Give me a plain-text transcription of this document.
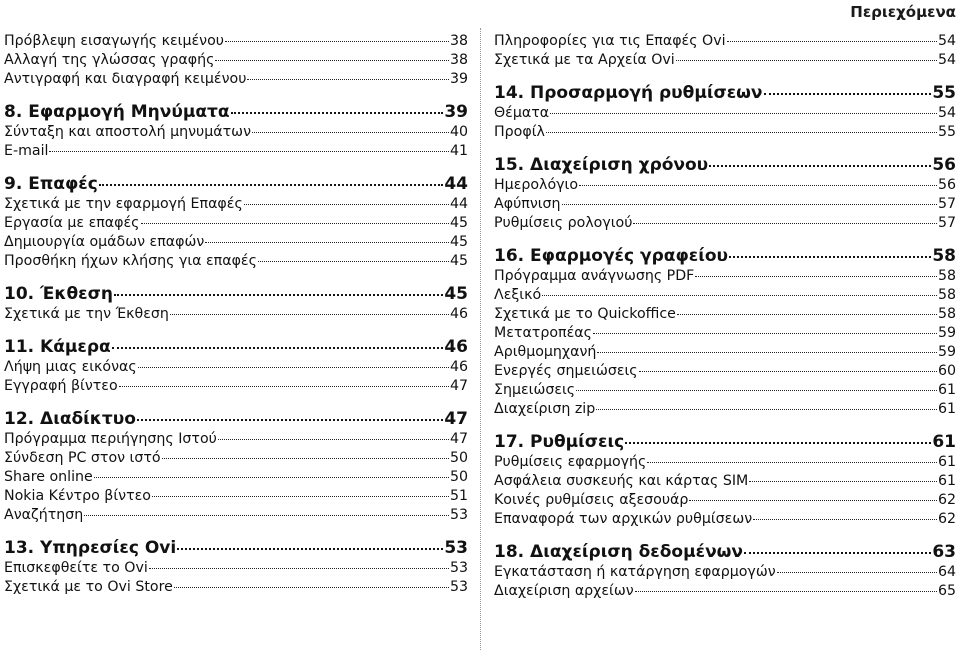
Περιεχόμενα
Πρόβλεψη εισαγωγής κειμένου	38
Αλλαγή της γλώσσας γραφής	38
Αντιγραφή και διαγραφή κειμένου	39
8. Εφαρμογή Μηνύματα	39
Σύνταξη και αποστολή μηνυμάτων	40
E-mail	41
9. Επαφές	44
Σχετικά με την εφαρμογή Επαφές	44
Εργασία με επαφές	45
Δημιουργία ομάδων επαφών	45
Προσθήκη ήχων κλήσης για επαφές	45
10. Έκθεση	45
Σχετικά με την Έκθεση	46
11. Κάμερα	46
Λήψη μιας εικόνας	46
Εγγραφή βίντεο	47
12. Διαδίκτυο	47
Πρόγραμμα περιήγησης Ιστού	47
Σύνδεση PC στον ιστό	50
Share online	50
Nokia Κέντρο βίντεο	51
Αναζήτηση	53
13. Υπηρεσίες Ovi	53
Επισκεφθείτε το Ovi	53
Σχετικά με το Ovi Store	53
Πληροφορίες για τις Επαφές Ovi	54
Σχετικά με τα Αρχεία Ovi	54
14. Προσαρμογή ρυθμίσεων	55
Θέματα	54
Προφίλ	55
15. Διαχείριση χρόνου	56
Ημερολόγιο	56
Αφύπνιση	57
Ρυθμίσεις ρολογιού	57
16. Εφαρμογές γραφείου	58
Πρόγραμμα ανάγνωσης PDF	58
Λεξικό	58
Σχετικά με το Quickoffice	58
Μετατροπέας	59
Αριθμομηχανή	59
Ενεργές σημειώσεις	60
Σημειώσεις	61
Διαχείριση zip	61
17. Ρυθμίσεις	61
Ρυθμίσεις εφαρμογής	61
Ασφάλεια συσκευής και κάρτας SIM	61
Κοινές ρυθμίσεις αξεσουάρ	62
Επαναφορά των αρχικών ρυθμίσεων	62
18. Διαχείριση δεδομένων	63
Εγκατάσταση ή κατάργηση εφαρμογών	64
Διαχείριση αρχείων	65
